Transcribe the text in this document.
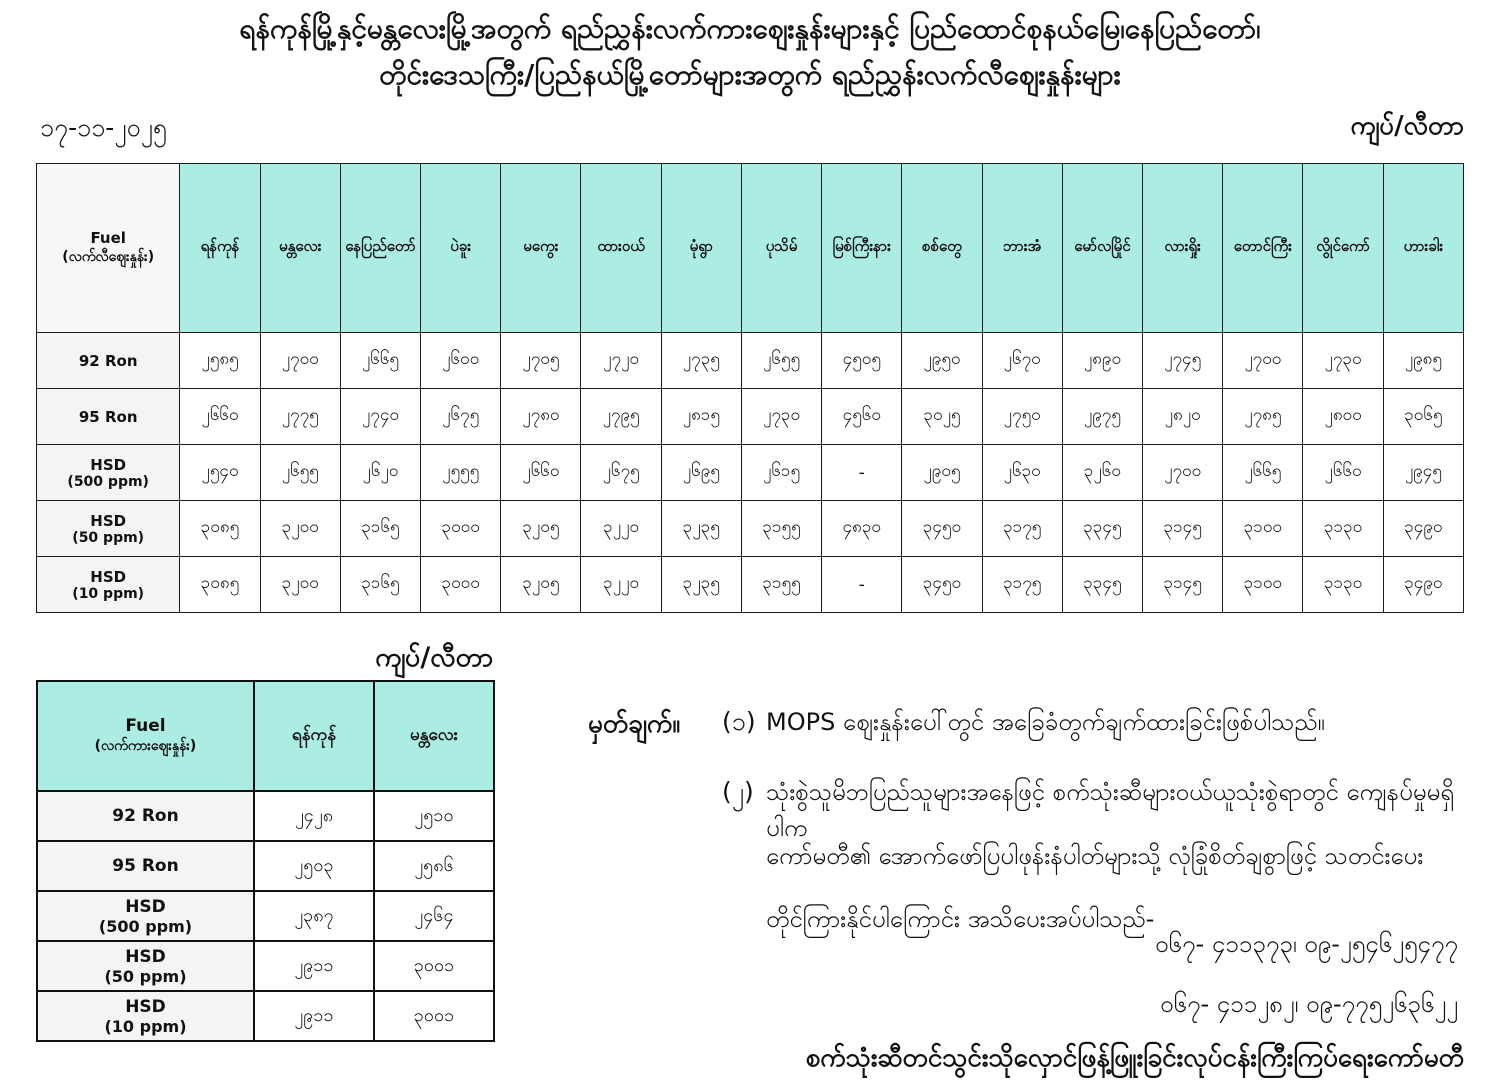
ရန်ကုန်မြို့နှင့်မန္တလေးမြို့အတွက် ရည်ညွှန်းလက်ကားဈေးနှုန်းများနှင့် ပြည်ထောင်စုနယ်မြေ၊နေပြည်တော်၊
တိုင်းဒေသကြီး/ပြည်နယ်မြို့တော်များအတွက် ရည်ညွှန်းလက်လီဈေးနှုန်းများ
၁၇-၁၁-၂၀၂၅	ကျပ်/လီတာ
Fuel
(လက်လီဈေးနှုန်း)	ရန်ကုန်	မန္တလေး	နေပြည်တော်	ပဲခူး	မကွေး	ထားဝယ်	မုံရွာ	ပုသိမ်	မြစ်ကြီးနား	စစ်တွေ	ဘားအံ	မော်လမြိုင်	လားရှိုး	တောင်ကြီး	လွိုင်ကော်	ဟားခါး

92 Ron	၂၅၈၅	၂၇၀၀	၂၆၆၅	၂၆၀၀	၂၇၀၅	၂၇၂၀	၂၇၃၅	၂၆၅၅	၄၅၀၅	၂၉၅၀	၂၆၇၀	၂၈၉၀	၂၇၄၅	၂၇၀၀	၂၇၃၀	၂၉၈၅

95 Ron	၂၆၆၀	၂၇၇၅	၂၇၄၀	၂၆၇၅	၂၇၈၀	၂၇၉၅	၂၈၁၅	၂၇၃၀	၄၅၆၀	၃၀၂၅	၂၇၅၀	၂၉၇၅	၂၈၂၀	၂၇၈၅	၂၈၀၀	၃၀၆၅

HSD
(500 ppm)	၂၅၄၀	၂၆၅၅	၂၆၂၀	၂၅၅၅	၂၆၆၀	၂၆၇၅	၂၆၉၅	၂၆၁၅	-	၂၉၀၅	၂၆၃၀	၃၂၆၀	၂၇၀၀	၂၆၆၅	၂၆၆၀	၂၉၄၅

HSD
(50 ppm)	၃၀၈၅	၃၂၀၀	၃၁၆၅	၃၀၀၀	၃၂၀၅	၃၂၂၀	၃၂၃၅	၃၁၅၅	၄၈၃၀	၃၄၅၀	၃၁၇၅	၃၃၄၅	၃၁၄၅	၃၁၀၀	၃၁၃၀	၃၄၉၀

HSD
(10 ppm)	၃၀၈၅	၃၂၀၀	၃၁၆၅	၃၀၀၀	၃၂၀၅	၃၂၂၀	၃၂၃၅	၃၁၅၅	-	၃၄၅၀	၃၁၇၅	၃၃၄၅	၃၁၄၅	၃၁၀၀	၃၁၃၀	၃၄၉၀
ကျပ်/လီတာ
Fuel
(လက်ကားဈေးနှုန်း)	ရန်ကုန်	မန္တလေး

92 Ron	၂၄၂၈	၂၅၁၀

95 Ron	၂၅၀၃	၂၅၈၆

HSD
(500 ppm)	၂၃၈၇	၂၄၆၄

HSD
(50 ppm)	၂၉၁၁	၃၀၀၁

HSD
(10 ppm)	၂၉၁၁	၃၀၀၁
မှတ်ချက်။ (၁) MOPS ဈေးနှုန်းပေါ်တွင် အခြေခံတွက်ချက်ထားခြင်းဖြစ်ပါသည်။
(၂) သုံးစွဲသူမိဘပြည်သူများအနေဖြင့် စက်သုံးဆီများဝယ်ယူသုံးစွဲရာတွင် ကျေနပ်မှုမရှိပါက
ကော်မတီ၏ အောက်ဖော်ပြပါဖုန်းနံပါတ်များသို့ လုံခြုံစိတ်ချစွာဖြင့် သတင်းပေး
တိုင်ကြားနိုင်ပါကြောင်း အသိပေးအပ်ပါသည်-
၀၆၇- ၄၁၁၃၇၃၊ ၀၉-၂၅၄၆၂၅၄၇၇
၀၆၇- ၄၁၁၂၈၂၊ ၀၉-၇၇၅၂၆၃၆၂၂
စက်သုံးဆီတင်သွင်းသိုလှောင်ဖြန့်ဖြူးခြင်းလုပ်ငန်းကြီးကြပ်ရေးကော်မတီ
